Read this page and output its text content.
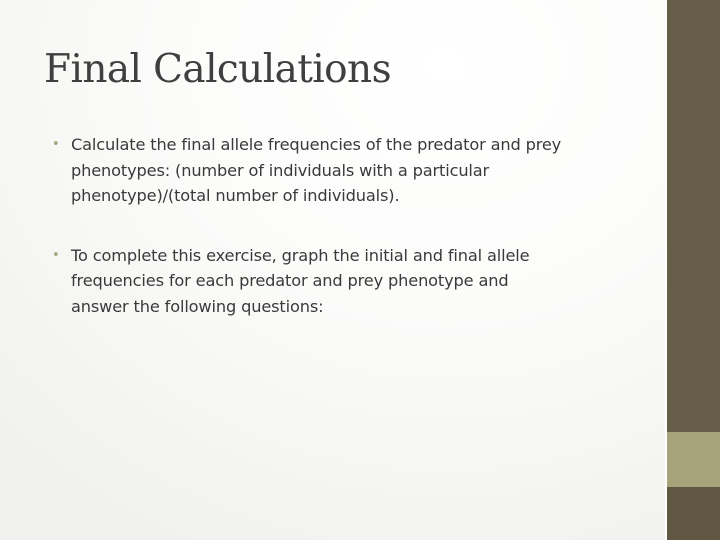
Final Calculations
• Calculate the final allele frequencies of the predator and prey
phenotypes: (number of individuals with a particular
phenotype)/(total number of individuals).
• To complete this exercise, graph the initial and final allele
frequencies for each predator and prey phenotype and
answer the following questions:
